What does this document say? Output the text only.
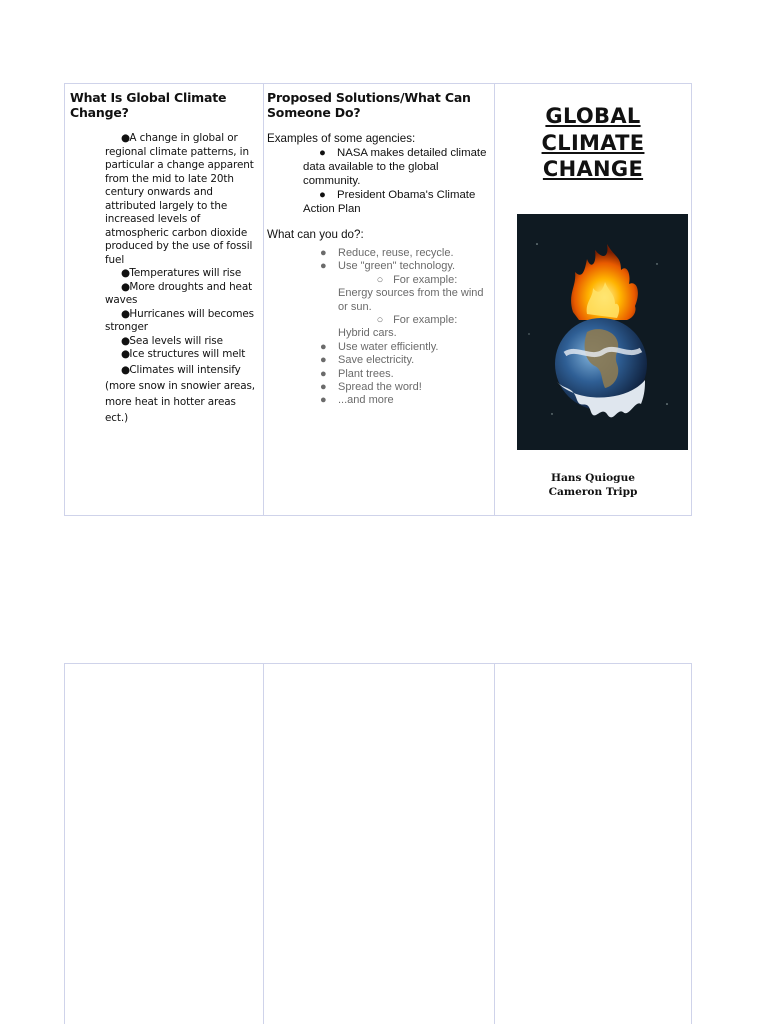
What Is Global Climate Change?

●  A change in global or regional climate patterns, in particular a change apparent from the mid to late 20th century onwards and attributed largely to the increased levels of atmospheric carbon dioxide produced by the use of fossil fuel

●  Temperatures will rise

●  More droughts and heat waves

●  Hurricanes will becomes stronger

●  Sea levels will rise

●  Ice structures will melt

●  Climates will intensify (more snow in snowier areas, more heat in hotter areas ect.)

Proposed Solutions/What Can Someone Do?
Examples of some agencies:

● NASA makes detailed climate data available to the global community.

● President Obama's Climate Action Plan

What can you do?:
● Reduce, reuse, recycle.
● Use "green" technology.
○ For example: Energy sources from the wind or sun.
○ For example: Hybrid cars.
● Use water efficiently.
● Save electricity.
● Plant trees.
● Spread the word!
● ...and more
GLOBAL
CLIMATE
CHANGE
Hans Quiogue
Cameron Tripp
